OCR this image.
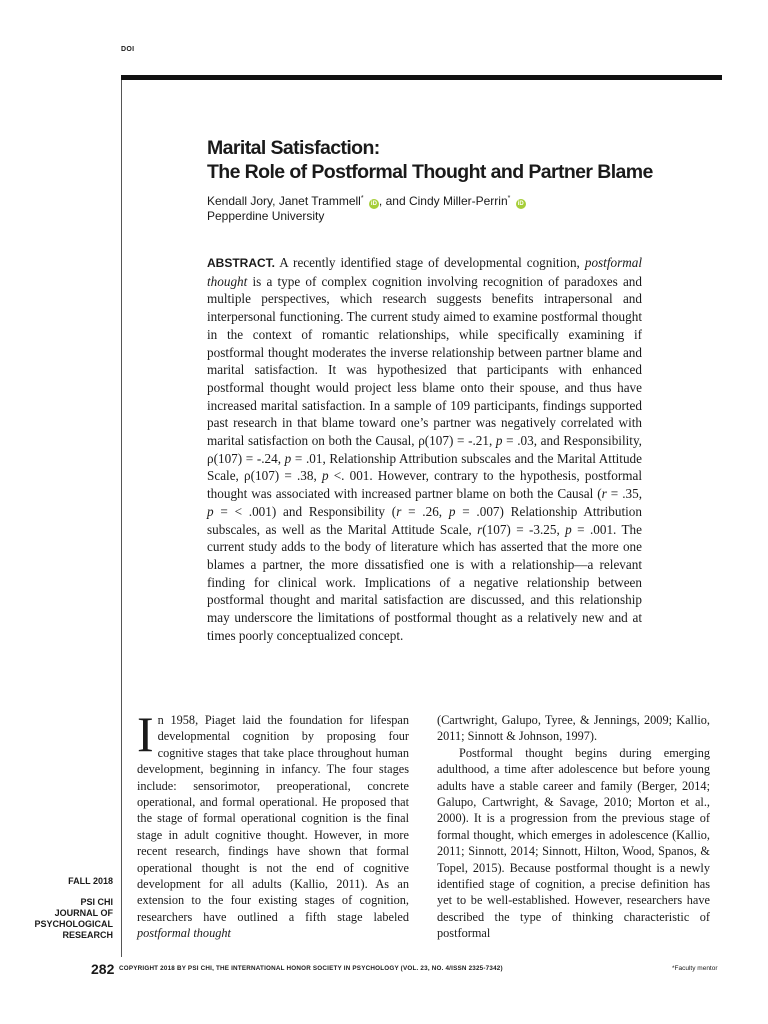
DOI
Marital Satisfaction:
The Role of Postformal Thought and Partner Blame
Kendall Jory, Janet Trammell* iD , and Cindy Miller-Perrin* iD
Pepperdine University
ABSTRACT. A recently identified stage of developmental cognition, postformal thought is a type of complex cognition involving recognition of paradoxes and multiple perspectives, which research suggests benefits intrapersonal and interpersonal functioning. The current study aimed to examine postformal thought in the context of romantic relationships, while specifically examining if postformal thought moderates the inverse relationship between partner blame and marital satisfaction. It was hypothesized that participants with enhanced postformal thought would project less blame onto their spouse, and thus have increased marital satisfaction. In a sample of 109 participants, findings supported past research in that blame toward one’s partner was negatively correlated with marital satisfaction on both the Causal, ρ(107) = -.21, p = .03, and Responsibility, ρ(107) = -.24, p = .01, Relationship Attribution subscales and the Marital Attitude Scale, ρ(107) = .38, p <. 001. However, contrary to the hypothesis, postformal thought was associated with increased partner blame on both the Causal (r = .35, p = < .001) and Responsibility (r = .26, p = .007) Relationship Attribution subscales, as well as the Marital Attitude Scale, r(107) = -3.25, p = .001. The current study adds to the body of literature which has asserted that the more one blames a partner, the more dissatisfied one is with a relationship—a relevant finding for clinical work. Implications of a negative relationship between postformal thought and marital satisfaction are discussed, and this relationship may underscore the limitations of postformal thought as a relatively new and at times poorly conceptualized concept.
In 1958, Piaget laid the foundation for lifespan developmental cognition by proposing four cognitive stages that take place throughout human development, beginning in infancy. The four stages include: sensorimotor, preoperational, concrete operational, and formal operational. He proposed that the stage of formal operational cognition is the final stage in adult cognitive thought. However, in more recent research, findings have shown that formal operational thought is not the end of cognitive development for all adults (Kallio, 2011). As an extension to the four existing stages of cognition, researchers have outlined a fifth stage labeled postformal thought
(Cartwright, Galupo, Tyree, & Jennings, 2009; Kallio, 2011; Sinnott & Johnson, 1997).
Postformal thought begins during emerging adulthood, a time after adolescence but before young adults have a stable career and family (Berger, 2014; Galupo, Cartwright, & Savage, 2010; Morton et al., 2000). It is a progression from the previous stage of formal thought, which emerges in adolescence (Kallio, 2011; Sinnott, 2014; Sinnott, Hilton, Wood, Spanos, & Topel, 2015). Because postformal thought is a newly identified stage of cognition, a precise definition has yet to be well-established. However, researchers have described the type of thinking characteristic of postformal
FALL 2018
PSI CHI
JOURNAL OF
PSYCHOLOGICAL
RESEARCH
282 COPYRIGHT 2018 BY PSI CHI, THE INTERNATIONAL HONOR SOCIETY IN PSYCHOLOGY (VOL. 23, NO. 4/ISSN 2325-7342)	*Faculty mentor
